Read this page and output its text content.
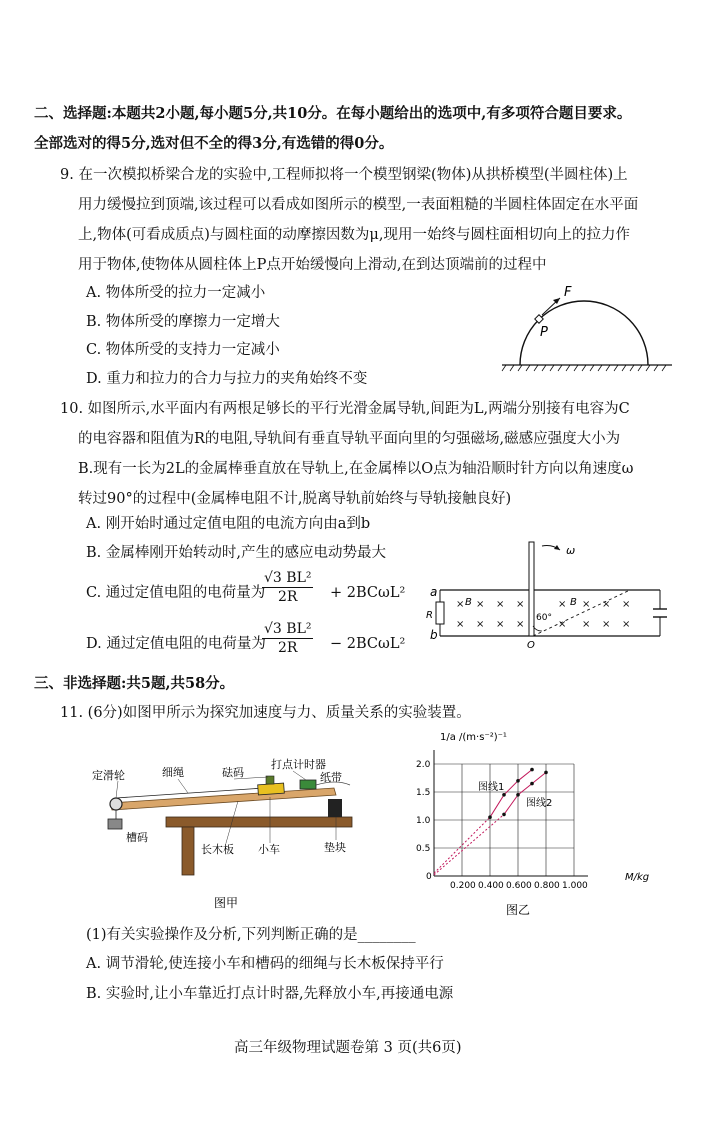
二、选择题:本题共2小题,每小题5分,共10分。在每小题给出的选项中,有多项符合题目要求。
全部选对的得5分,选对但不全的得3分,有选错的得0分。
9. 在一次模拟桥梁合龙的实验中,工程师拟将一个模型钢梁(物体)从拱桥模型(半圆柱体)上
用力缓慢拉到顶端,该过程可以看成如图所示的模型,一表面粗糙的半圆柱体固定在水平面
上,物体(可看成质点)与圆柱面的动摩擦因数为μ,现用一始终与圆柱面相切向上的拉力作
用于物体,使物体从圆柱体上P点开始缓慢向上滑动,在到达顶端前的过程中
A. 物体所受的拉力一定减小
B. 物体所受的摩擦力一定增大
C. 物体所受的支持力一定减小
D. 重力和拉力的合力与拉力的夹角始终不变
F
P
10. 如图所示,水平面内有两根足够长的平行光滑金属导轨,间距为L,两端分别接有电容为C
的电容器和阻值为R的电阻,导轨间有垂直导轨平面向里的匀强磁场,磁感应强度大小为
B.现有一长为2L的金属棒垂直放在导轨上,在金属棒以O点为轴沿顺时针方向以角速度ω
转过90°的过程中(金属棒电阻不计,脱离导轨前始终与导轨接触良好)
A. 刚开始时通过定值电阻的电流方向由a到b
B. 金属棒刚开始转动时,产生的感应电动势最大
C. 通过定值电阻的电荷量为
$\frac{\text{√3 BL²}}{2R} + 2BC\omega L^2$
D. 通过定值电阻的电荷量为
$\frac{\text{√3 BL²}}{2R} - 2BC\omega L^2$
a
b
R
ω
60°
O
B	B
× × × ×	× × × ×
× × × ×	× × × ×
三、非选择题:共5题,共58分。
11. (6分)如图甲所示为探究加速度与力、质量关系的实验装置。
定滑轮	细绳	砝码
打点计时器
纸带
槽码
长木板 小车	垫块
图甲
1/a /(m·s⁻²)⁻¹
M/kg
图乙
0.200 0.400 0.600 0.800 1.000
0
0.5
1.0
1.5
2.0
图线1
图线2
(1)有关实验操作及分析,下列判断正确的是________
A. 调节滑轮,使连接小车和槽码的细绳与长木板保持平行
B. 实验时,让小车靠近打点计时器,先释放小车,再接通电源
高三年级物理试题卷第 3 页(共6页)
